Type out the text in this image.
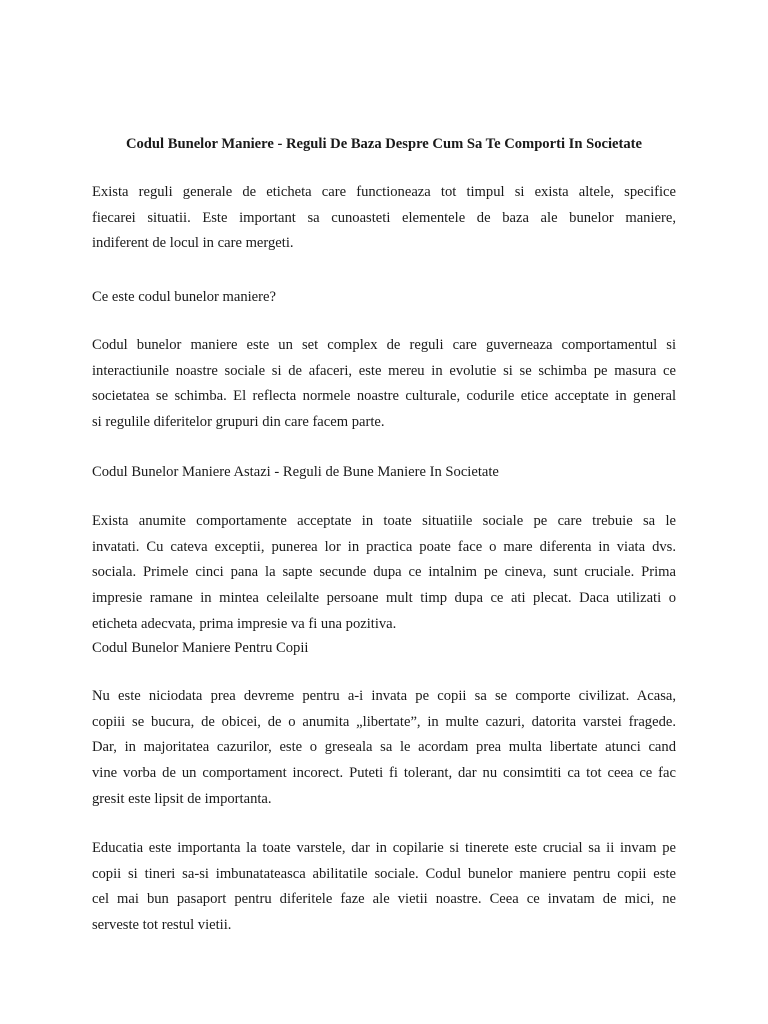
Codul Bunelor Maniere - Reguli De Baza Despre Cum Sa Te Comporti In Societate
Exista reguli generale de eticheta care functioneaza tot timpul si exista altele, specifice
fiecarei situatii. Este important sa cunoasteti elementele de baza ale bunelor maniere,
indiferent de locul in care mergeti.

Ce este codul bunelor maniere?

Codul bunelor maniere este un set complex de reguli care guverneaza comportamentul si
interactiunile noastre sociale si de afaceri, este mereu in evolutie si se schimba pe masura ce
societatea se schimba. El reflecta normele noastre culturale, codurile etice acceptate in general
si regulile diferitelor grupuri din care facem parte.

Codul Bunelor Maniere Astazi - Reguli de Bune Maniere In Societate

Exista anumite comportamente acceptate in toate situatiile sociale pe care trebuie sa le
invatati. Cu cateva exceptii, punerea lor in practica poate face o mare diferenta in viata dvs.
sociala. Primele cinci pana la sapte secunde dupa ce intalnim pe cineva, sunt cruciale. Prima
impresie ramane in mintea celeilalte persoane mult timp dupa ce ati plecat. Daca utilizati o
eticheta adecvata, prima impresie va fi una pozitiva.

Codul Bunelor Maniere Pentru Copii

Nu este niciodata prea devreme pentru a-i invata pe copii sa se comporte civilizat. Acasa,
copiii se bucura, de obicei, de o anumita „libertate”, in multe cazuri, datorita varstei fragede.
Dar, in majoritatea cazurilor, este o greseala sa le acordam prea multa libertate atunci cand
vine vorba de un comportament incorect. Puteti fi tolerant, dar nu consimtiti ca tot ceea ce fac
gresit este lipsit de importanta.
Educatia este importanta la toate varstele, dar in copilarie si tinerete este crucial sa ii invam pe
copii si tineri sa-si imbunatateasca abilitatile sociale. Codul bunelor maniere pentru copii este
cel mai bun pasaport pentru diferitele faze ale vietii noastre. Ceea ce invatam de mici, ne
serveste tot restul vietii.
